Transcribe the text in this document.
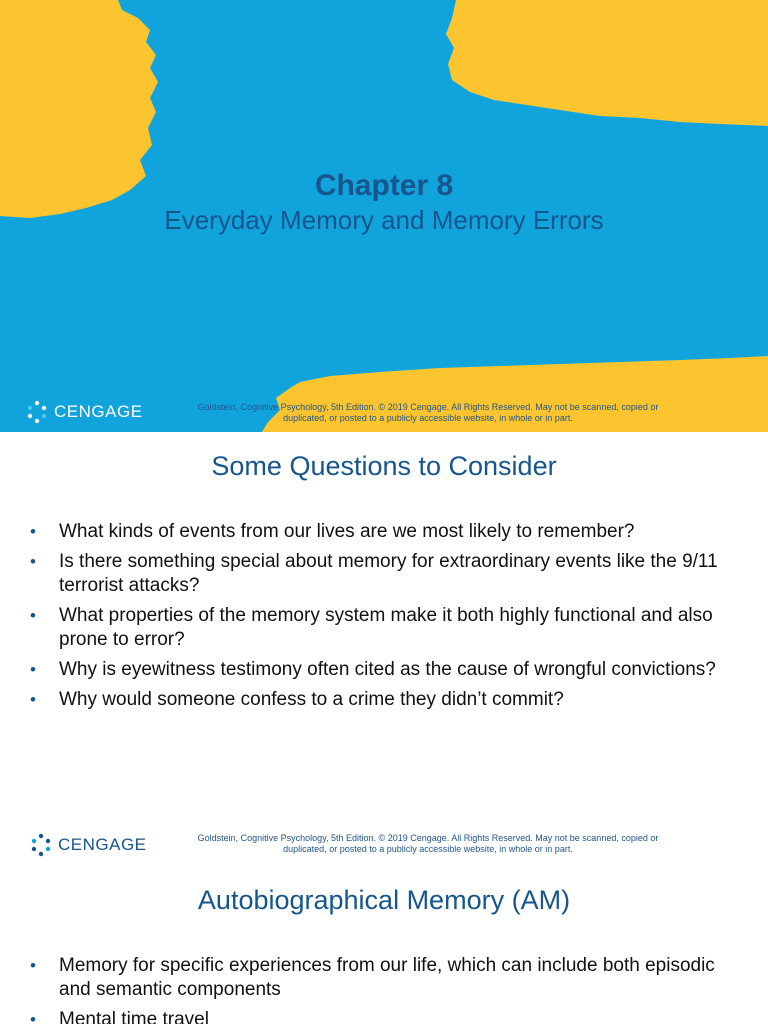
Chapter 8
Everyday Memory and Memory Errors
CENGAGE	Goldstein, Cognitive Psychology, 5th Edition. © 2019 Cengage. All Rights Reserved. May not be scanned, copied or
duplicated, or posted to a publicly accessible website, in whole or in part.
Some Questions to Consider
• What kinds of events from our lives are we most likely to remember?
• Is there something special about memory for extraordinary events like the 9/11 terrorist attacks?
• What properties of the memory system make it both highly functional and also prone to error?
• Why is eyewitness testimony often cited as the cause of wrongful convictions?
• Why would someone confess to a crime they didn’t commit?
CENGAGE	Goldstein, Cognitive Psychology, 5th Edition. © 2019 Cengage. All Rights Reserved. May not be scanned, copied or
duplicated, or posted to a publicly accessible website, in whole or in part.
Autobiographical Memory (AM)
• Memory for specific experiences from our life, which can include both episodic and semantic components
• Mental time travel
